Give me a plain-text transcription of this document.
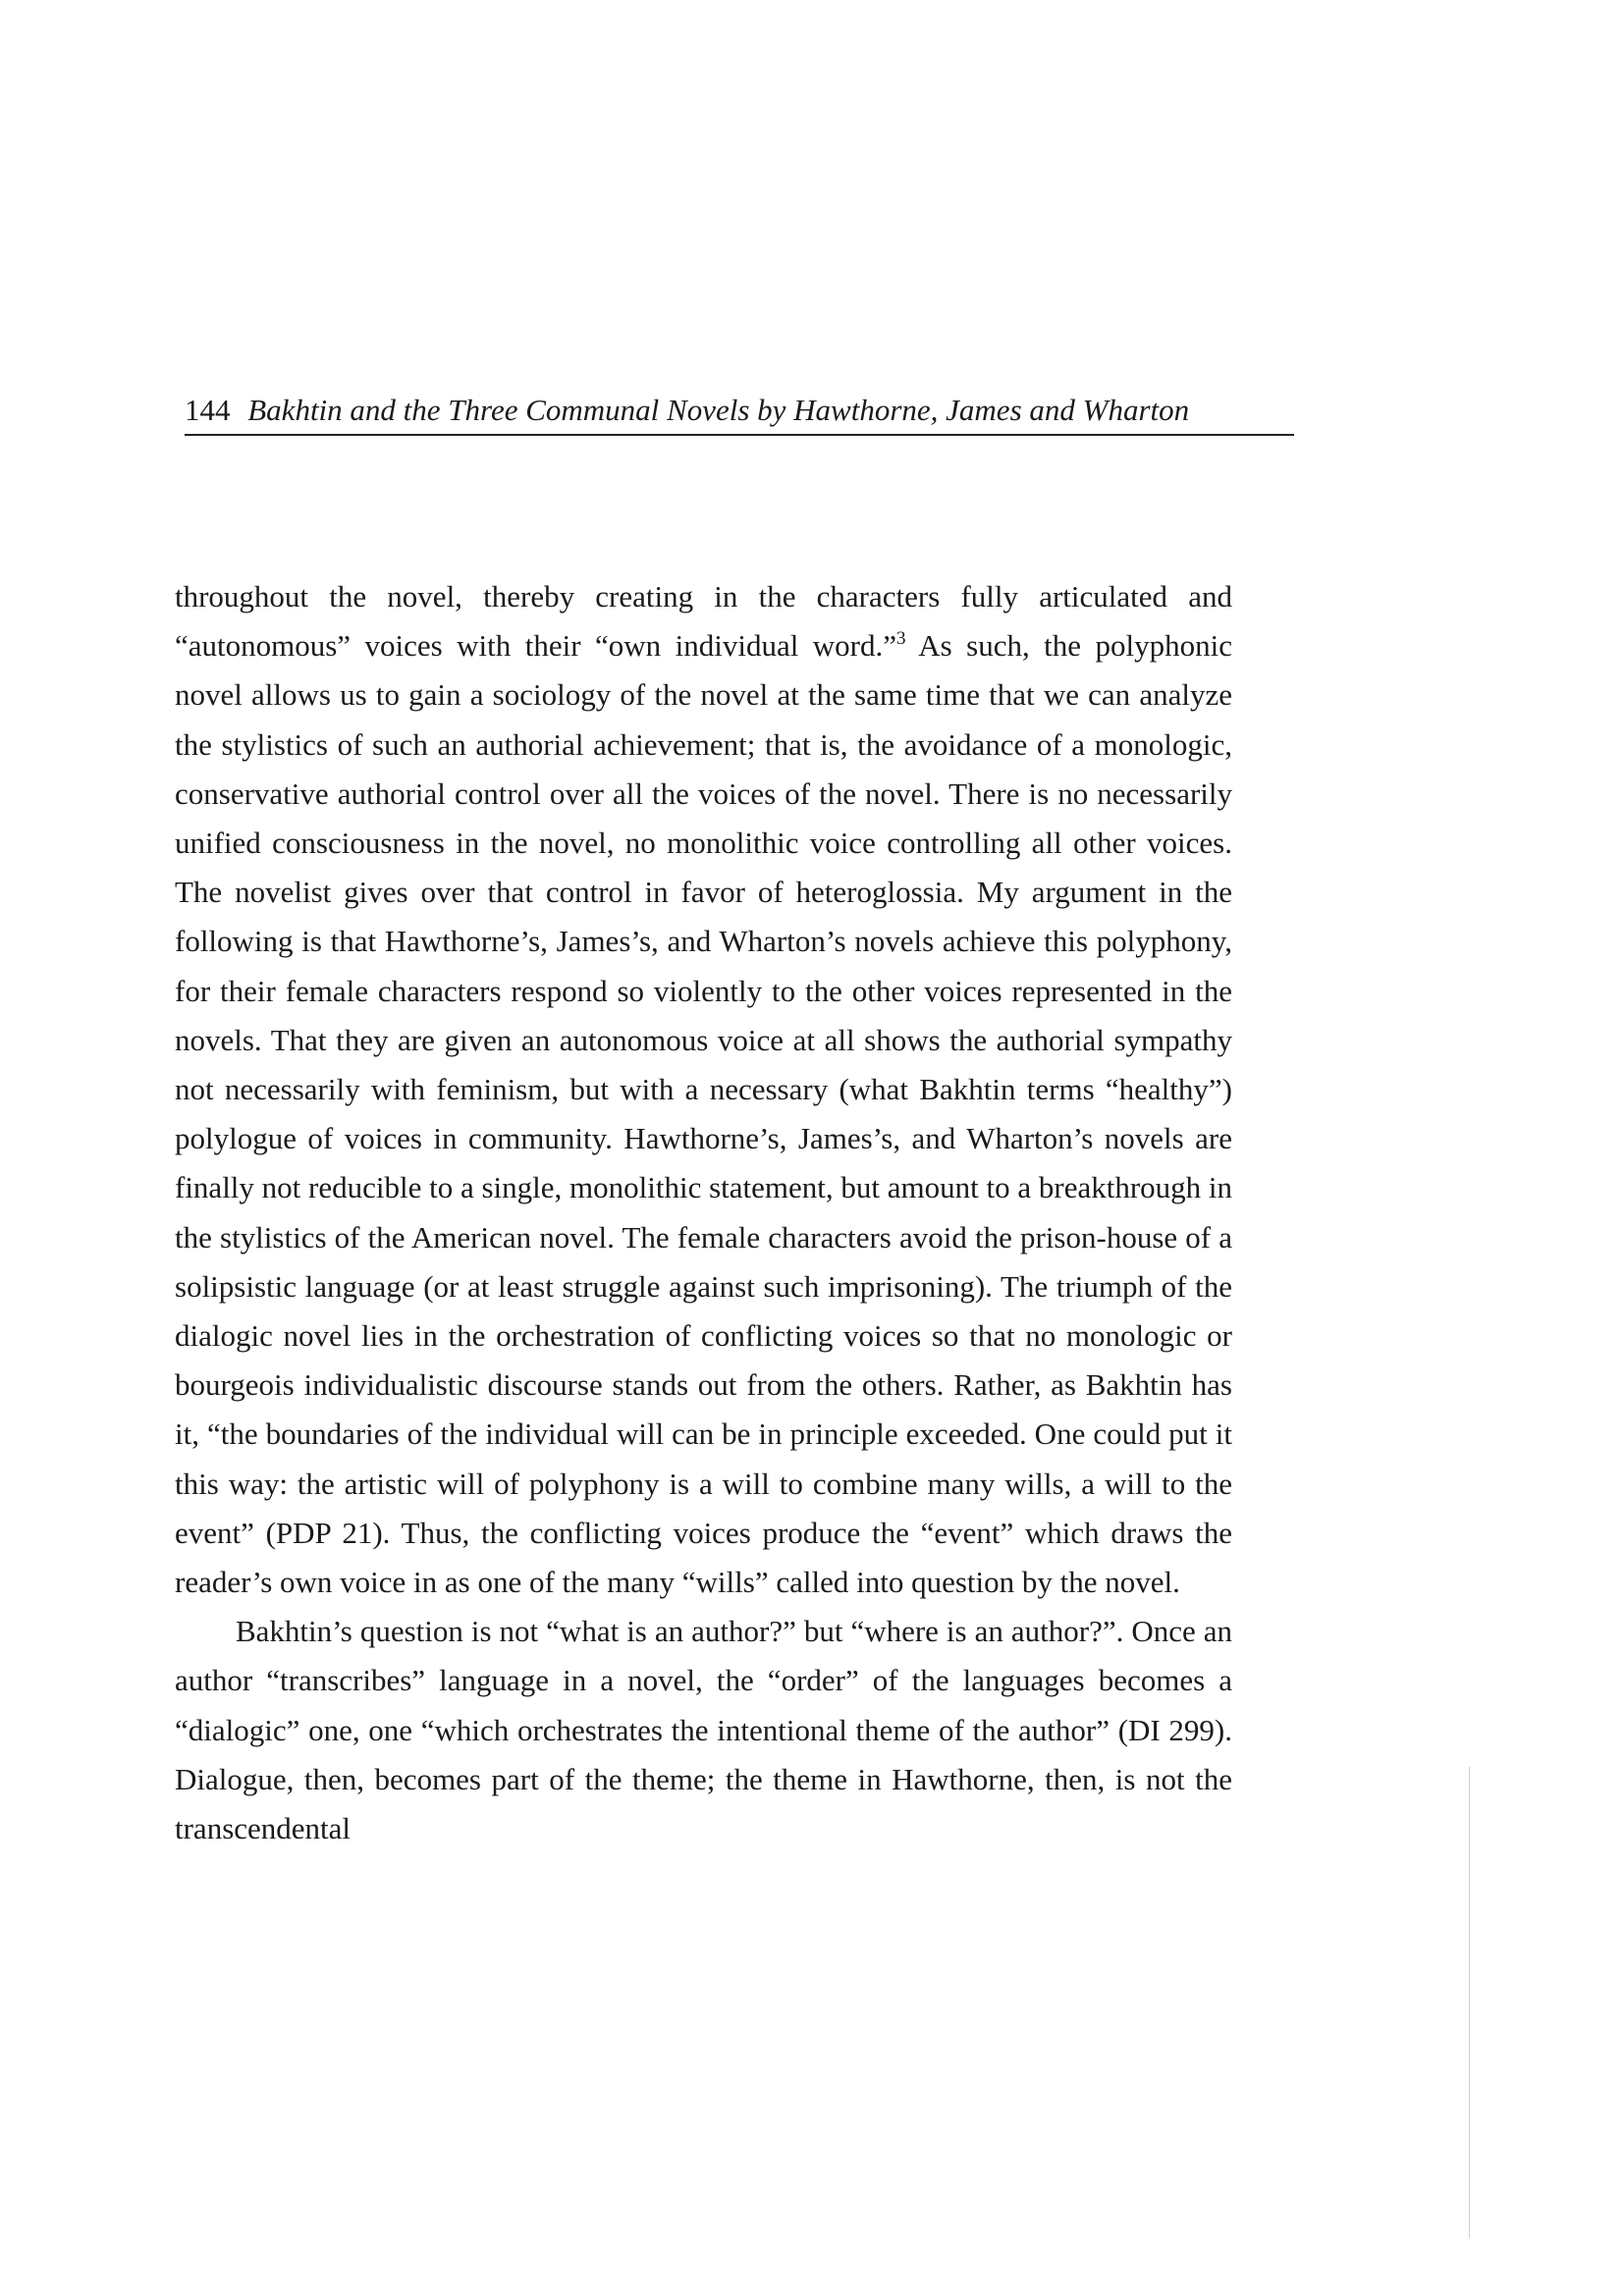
144 Bakhtin and the Three Communal Novels by Hawthorne, James and Wharton

throughout the novel, thereby creating in the characters fully articulated and “autonomous” voices with their “own individual word.”$^3$ As such, the polyphonic novel allows us to gain a sociology of the novel at the same time that we can analyze the stylistics of such an authorial achievement; that is, the avoidance of a monologic, conservative authorial control over all the voices of the novel. There is no necessarily unified consciousness in the novel, no monolithic voice controlling all other voices. The novelist gives over that control in favor of heteroglossia. My argument in the following is that Hawthorne’s, James’s, and Wharton’s novels achieve this polyphony, for their female characters respond so violently to the other voices represented in the novels. That they are given an autonomous voice at all shows the authorial sympathy not necessarily with feminism, but with a necessary (what Bakhtin terms “healthy”) polylogue of voices in community. Hawthorne’s, James’s, and Wharton’s novels are finally not reducible to a single, monolithic statement, but amount to a breakthrough in the stylistics of the American novel. The female characters avoid the prison-house of a solipsistic language (or at least struggle against such imprisoning). The triumph of the dialogic novel lies in the orchestration of conflicting voices so that no monologic or bourgeois individualistic discourse stands out from the others. Rather, as Bakhtin has it, “the boundaries of the individual will can be in principle exceeded. One could put it this way: the artistic will of polyphony is a will to combine many wills, a will to the event” (PDP 21). Thus, the conflicting voices produce the “event” which draws the reader’s own voice in as one of the many “wills” called into question by the novel.

Bakhtin’s question is not “what is an author?” but “where is an author?”. Once an author “transcribes” language in a novel, the “order” of the languages becomes a “dialogic” one, one “which orchestrates the intentional theme of the author” (DI 299). Dialogue, then, becomes part of the theme; the theme in Hawthorne, then, is not the transcendental
